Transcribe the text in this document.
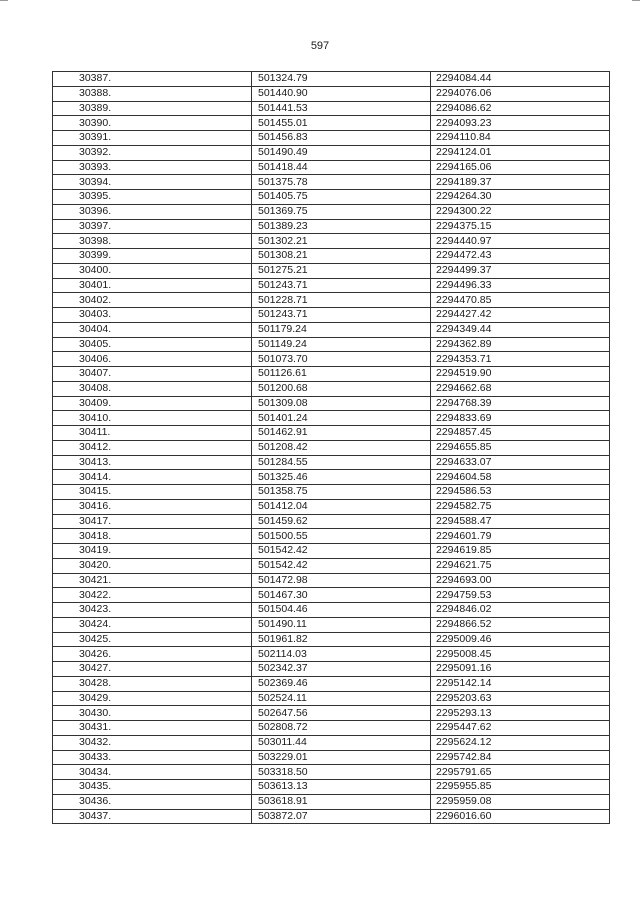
597
30387.	501324.79	2294084.44
30388.	501440.90	2294076.06
30389.	501441.53	2294086.62
30390.	501455.01	2294093.23
30391.	501456.83	2294110.84
30392.	501490.49	2294124.01
30393.	501418.44	2294165.06
30394.	501375.78	2294189.37
30395.	501405.75	2294264.30
30396.	501369.75	2294300.22
30397.	501389.23	2294375.15
30398.	501302.21	2294440.97
30399.	501308.21	2294472.43
30400.	501275.21	2294499.37
30401.	501243.71	2294496.33
30402.	501228.71	2294470.85
30403.	501243.71	2294427.42
30404.	501179.24	2294349.44
30405.	501149.24	2294362.89
30406.	501073.70	2294353.71
30407.	501126.61	2294519.90
30408.	501200.68	2294662.68
30409.	501309.08	2294768.39
30410.	501401.24	2294833.69
30411.	501462.91	2294857.45
30412.	501208.42	2294655.85
30413.	501284.55	2294633.07
30414.	501325.46	2294604.58
30415.	501358.75	2294586.53
30416.	501412.04	2294582.75
30417.	501459.62	2294588.47
30418.	501500.55	2294601.79
30419.	501542.42	2294619.85
30420.	501542.42	2294621.75
30421.	501472.98	2294693.00
30422.	501467.30	2294759.53
30423.	501504.46	2294846.02
30424.	501490.11	2294866.52
30425.	501961.82	2295009.46
30426.	502114.03	2295008.45
30427.	502342.37	2295091.16
30428.	502369.46	2295142.14
30429.	502524.11	2295203.63
30430.	502647.56	2295293.13
30431.	502808.72	2295447.62
30432.	503011.44	2295624.12
30433.	503229.01	2295742.84
30434.	503318.50	2295791.65
30435.	503613.13	2295955.85
30436.	503618.91	2295959.08
30437.	503872.07	2296016.60
